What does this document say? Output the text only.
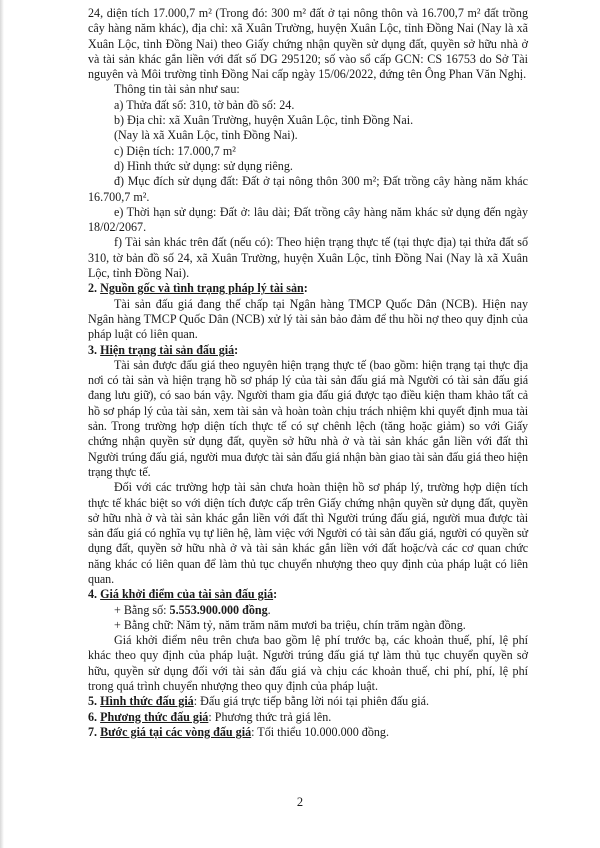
24, diện tích 17.000,7 m² (Trong đó: 300 m² đất ở tại nông thôn và 16.700,7 m² đất trồng cây hàng năm khác), địa chỉ: xã Xuân Trường, huyện Xuân Lộc, tỉnh Đồng Nai (Nay là xã Xuân Lộc, tỉnh Đồng Nai) theo Giấy chứng nhận quyền sử dụng đất, quyền sở hữu nhà ở và tài sản khác gắn liền với đất số DG 295120; số vào sổ cấp GCN: CS 16753 do Sở Tài nguyên và Môi trường tỉnh Đồng Nai cấp ngày 15/06/2022, đứng tên Ông Phan Văn Nghị.

Thông tin tài sản như sau:

a) Thửa đất số: 310, tờ bản đồ số: 24.

b) Địa chỉ: xã Xuân Trường, huyện Xuân Lộc, tỉnh Đồng Nai.

(Nay là xã Xuân Lộc, tỉnh Đồng Nai).

c) Diện tích: 17.000,7 m²

d) Hình thức sử dụng: sử dụng riêng.

đ) Mục đích sử dụng đất: Đất ở tại nông thôn 300 m²; Đất trồng cây hàng năm khác 16.700,7 m².

e) Thời hạn sử dụng: Đất ở: lâu dài; Đất trồng cây hàng năm khác sử dụng đến ngày 18/02/2067.

f) Tài sản khác trên đất (nếu có): Theo hiện trạng thực tế (tại thực địa) tại thửa đất số 310, tờ bản đồ số 24, xã Xuân Trường, huyện Xuân Lộc, tỉnh Đồng Nai (Nay là xã Xuân Lộc, tỉnh Đồng Nai).

2. Nguồn gốc và tình trạng pháp lý tài sản:

Tài sản đấu giá đang thế chấp tại Ngân hàng TMCP Quốc Dân (NCB). Hiện nay Ngân hàng TMCP Quốc Dân (NCB) xử lý tài sản bảo đảm để thu hồi nợ theo quy định của pháp luật có liên quan.

3. Hiện trạng tài sản đấu giá:

Tài sản được đấu giá theo nguyên hiện trạng thực tế (bao gồm: hiện trạng tại thực địa nơi có tài sản và hiện trạng hồ sơ pháp lý của tài sản đấu giá mà Người có tài sản đấu giá đang lưu giữ), có sao bán vậy. Người tham gia đấu giá được tạo điều kiện tham khảo tất cả hồ sơ pháp lý của tài sản, xem tài sản và hoàn toàn chịu trách nhiệm khi quyết định mua tài sản. Trong trường hợp diện tích thực tế có sự chênh lệch (tăng hoặc giảm) so với Giấy chứng nhận quyền sử dụng đất, quyền sở hữu nhà ở và tài sản khác gắn liền với đất thì Người trúng đấu giá, người mua được tài sản đấu giá nhận bàn giao tài sản đấu giá theo hiện trạng thực tế.

Đối với các trường hợp tài sản chưa hoàn thiện hồ sơ pháp lý, trường hợp diện tích thực tế khác biệt so với diện tích được cấp trên Giấy chứng nhận quyền sử dụng đất, quyền sở hữu nhà ở và tài sản khác gắn liền với đất thì Người trúng đấu giá, người mua được tài sản đấu giá có nghĩa vụ tự liên hệ, làm việc với Người có tài sản đấu giá, người có quyền sử dụng đất, quyền sở hữu nhà ở và tài sản khác gắn liền với đất hoặc/và các cơ quan chức năng khác có liên quan để làm thủ tục chuyển nhượng theo quy định của pháp luật có liên quan.

4. Giá khởi điểm của tài sản đấu giá:

+ Bằng số: 5.553.900.000 đồng.

+ Bằng chữ: Năm tỷ, năm trăm năm mươi ba triệu, chín trăm ngàn đồng.

Giá khởi điểm nêu trên chưa bao gồm lệ phí trước bạ, các khoản thuế, phí, lệ phí khác theo quy định của pháp luật. Người trúng đấu giá tự làm thủ tục chuyển quyền sở hữu, quyền sử dụng đối với tài sản đấu giá và chịu các khoản thuế, chi phí, phí, lệ phí trong quá trình chuyển nhượng theo quy định của pháp luật.

5. Hình thức đấu giá: Đấu giá trực tiếp bằng lời nói tại phiên đấu giá.

6. Phương thức đấu giá: Phương thức trả giá lên.

7. Bước giá tại các vòng đấu giá: Tối thiểu 10.000.000 đồng.

2
